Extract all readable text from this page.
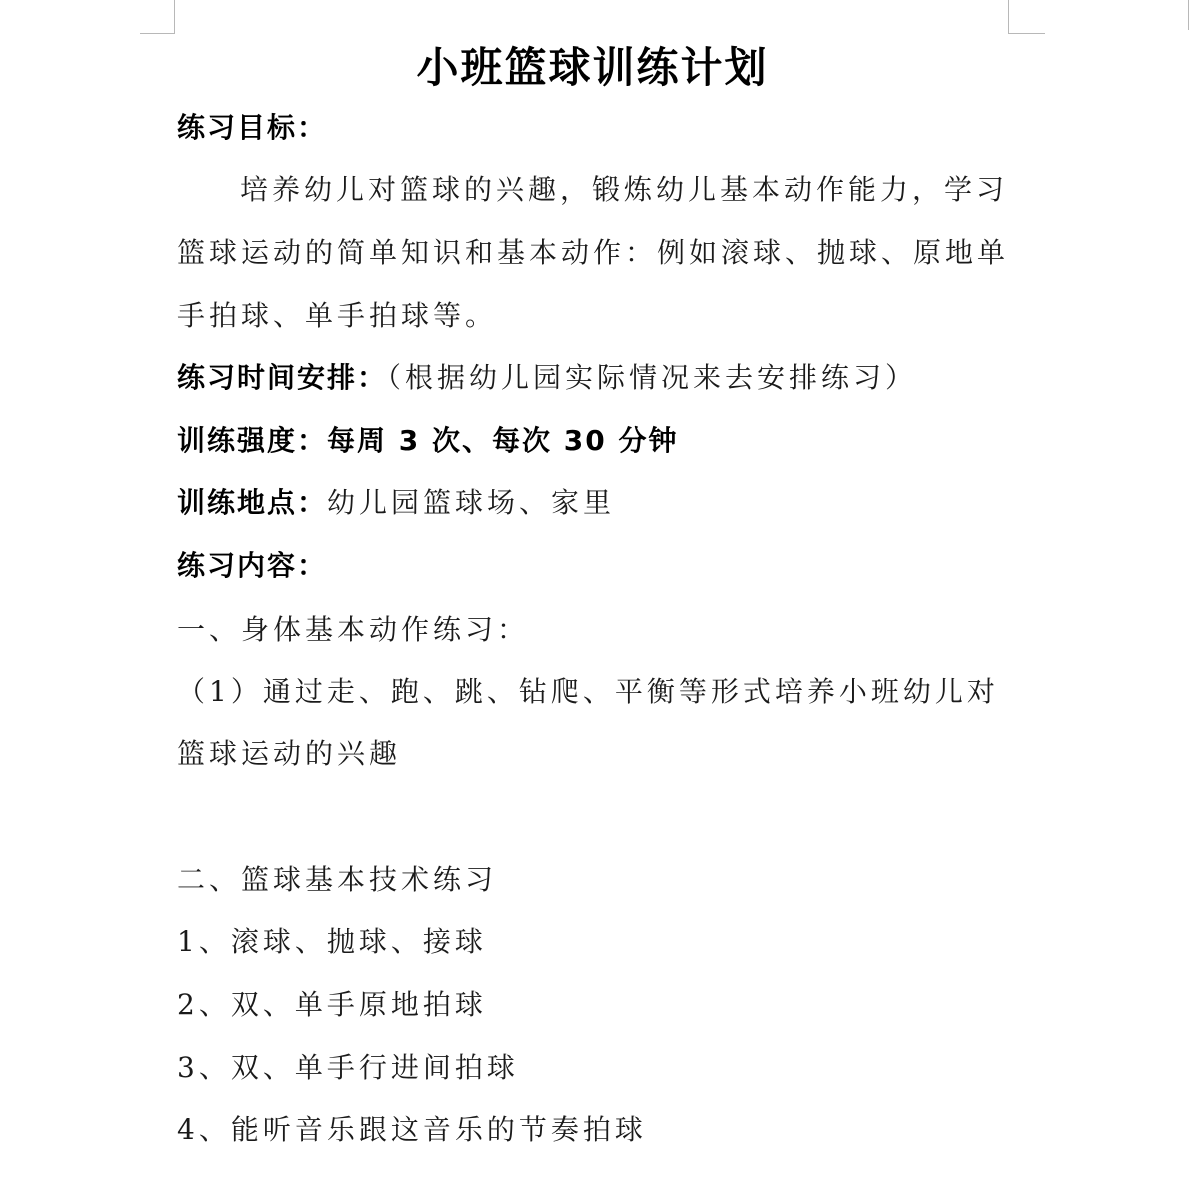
小班篮球训练计划
练习目标：
培养幼儿对篮球的兴趣，锻炼幼儿基本动作能力，学习
篮球运动的简单知识和基本动作：例如滚球、抛球、原地单
手拍球、单手拍球等。
练习时间安排：（根据幼儿园实际情况来去安排练习）
训练强度：每周 3 次、每次 30 分钟
训练地点：幼儿园篮球场、家里
练习内容：
一、身体基本动作练习：
（1）通过走、跑、跳、钻爬、平衡等形式培养小班幼儿对
篮球运动的兴趣
二、篮球基本技术练习
1、滚球、抛球、接球
2、双、单手原地拍球
3、双、单手行进间拍球
4、能听音乐跟这音乐的节奏拍球
